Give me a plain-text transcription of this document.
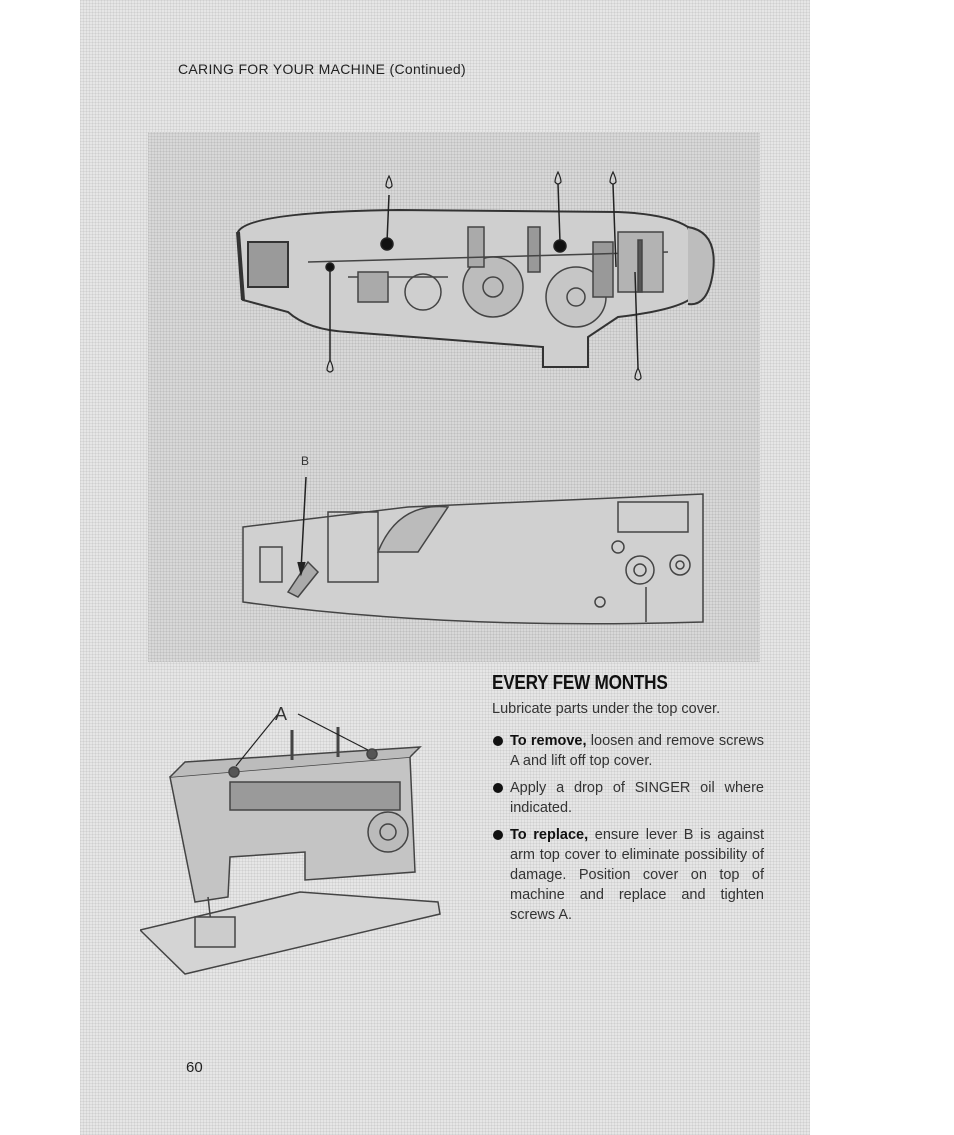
CARING FOR YOUR MACHINE (Continued)
B
A
EVERY FEW MONTHS
Lubricate parts under the top cover.
To remove, loosen and remove screws A and lift off top cover.
Apply a drop of SINGER oil where indicated.
To replace, ensure lever B is against arm top cover to eliminate possibility of damage. Position cover on top of machine and replace and tighten screws A.
60
